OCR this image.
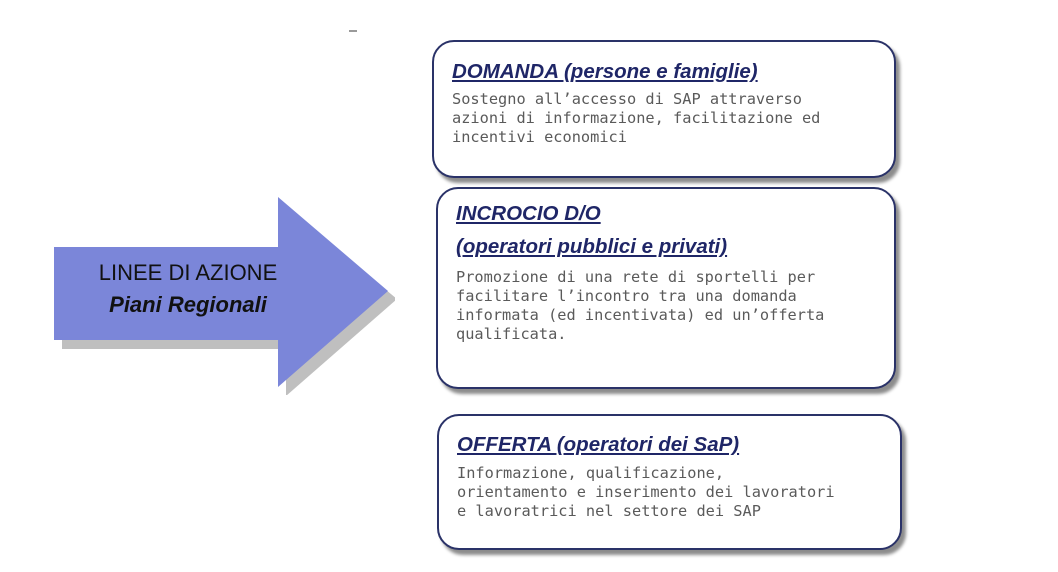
LINEE DI AZIONE
Piani Regionali
DOMANDA (persone e famiglie)
Sostegno all’accesso di SAP attraverso
azioni di informazione, facilitazione ed
incentivi economici
INCROCIO D/O
(operatori pubblici e privati)
Promozione di una rete di sportelli per
facilitare l’incontro tra una domanda
informata (ed incentivata) ed un’offerta
qualificata.
OFFERTA (operatori dei SaP)
Informazione, qualificazione,
orientamento e inserimento dei lavoratori
e lavoratrici nel settore dei SAP
